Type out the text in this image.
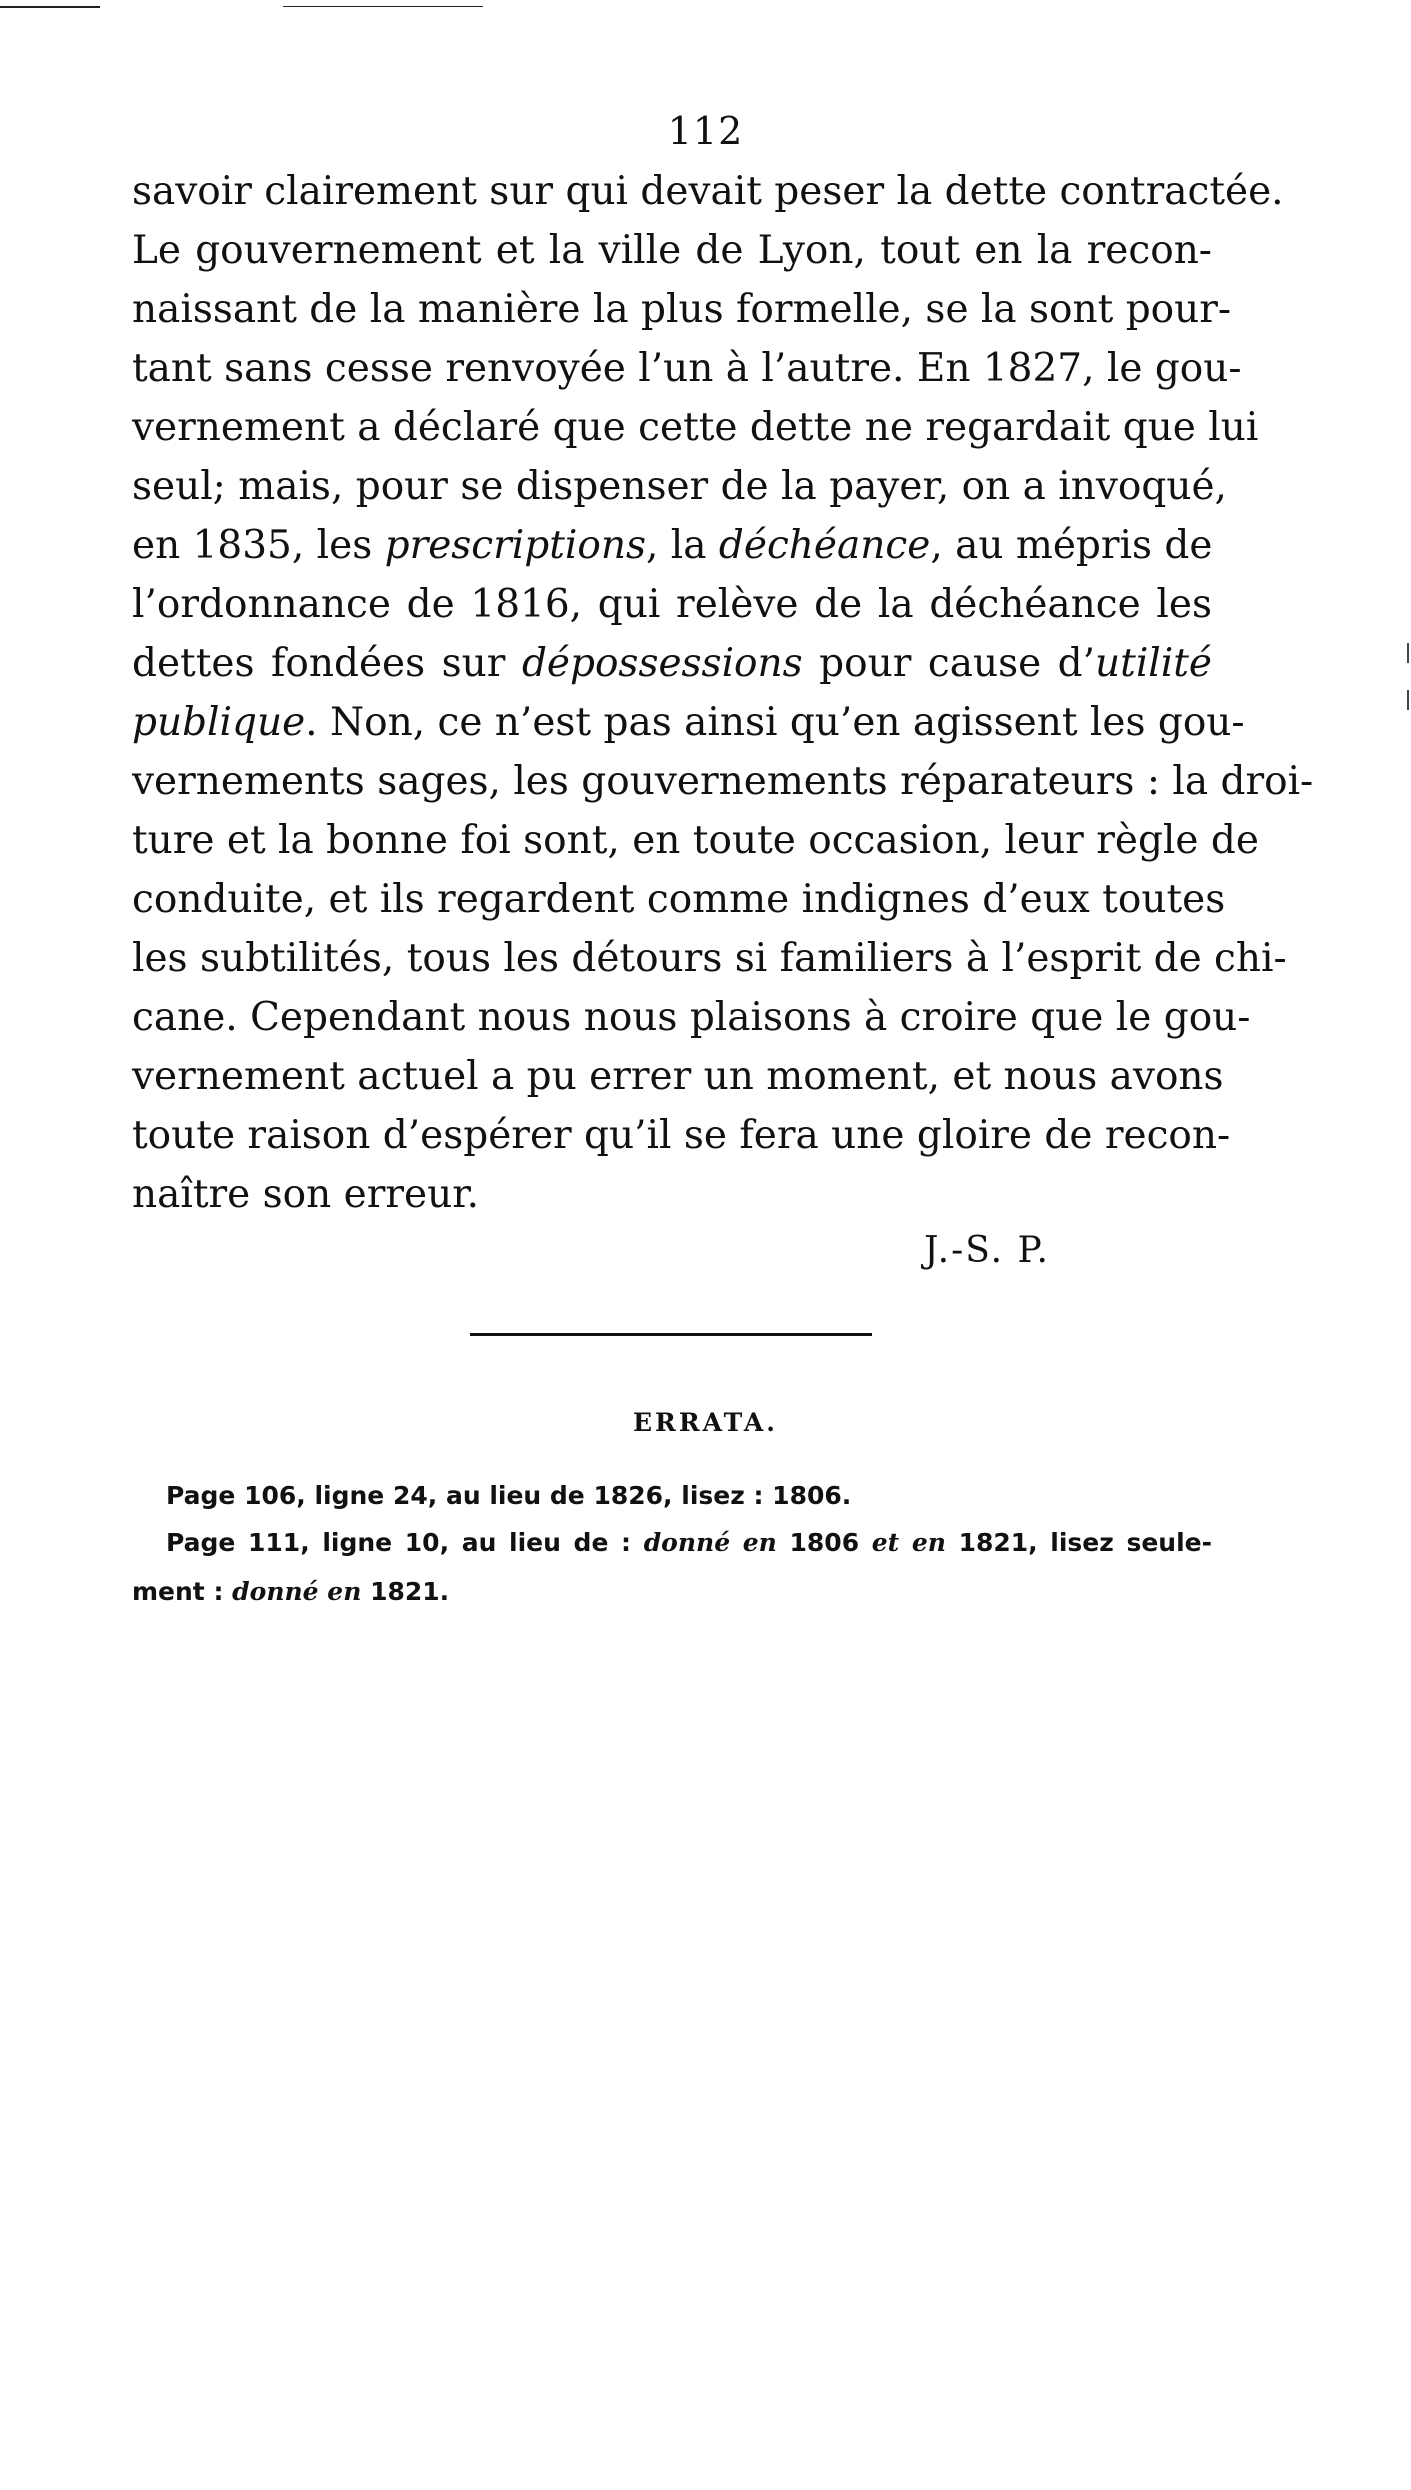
112
savoir clairement sur qui devait peser la dette contractée.
Le gouvernement et la ville de Lyon, tout en la recon-
naissant de la manière la plus formelle, se la sont pour-
tant sans cesse renvoyée l’un à l’autre. En 1827, le gou-
vernement a déclaré que cette dette ne regardait que lui
seul; mais, pour se dispenser de la payer, on a invoqué,
en 1835, les prescriptions, la déchéance, au mépris de
l’ordonnance de 1816, qui relève de la déchéance les
dettes fondées sur dépossessions pour cause d’utilité
publique. Non, ce n’est pas ainsi qu’en agissent les gou-
vernements sages, les gouvernements réparateurs : la droi-
ture et la bonne foi sont, en toute occasion, leur règle de
conduite, et ils regardent comme indignes d’eux toutes
les subtilités, tous les détours si familiers à l’esprit de chi-
cane. Cependant nous nous plaisons à croire que le gou-
vernement actuel a pu errer un moment, et nous avons
toute raison d’espérer qu’il se fera une gloire de recon-
naître son erreur.
J.-S. P.
ERRATA.
Page 106, ligne 24, au lieu de 1826, lisez : 1806.
Page 111, ligne 10, au lieu de : donné en 1806 et en 1821, lisez seule-
ment : donné en 1821.
